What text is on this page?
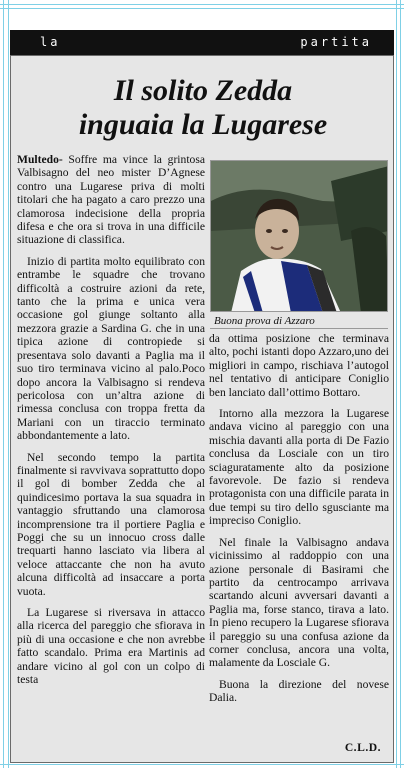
la	partita
Il solito Zedda
inguaia la Lugarese

Multedo- Soffre ma vince la grintosa Valbisagno del neo mister D’Agnese contro una Lugarese priva di molti titolari che ha pagato a caro prezzo una clamorosa indecisione della propria difesa e che ora si trova in una difficile situazione di classifica.

Inizio di partita molto equilibrato con entrambe le squadre che trovano difficoltà a costruire azioni da rete, tanto che la prima e unica vera occasione gol giunge soltanto alla mezzora grazie a Sardina G. che in una tipica azione di contropiede si presentava solo davanti a Paglia ma il suo tiro terminava vicino al palo.Poco dopo ancora la Valbisagno si rendeva pericolosa con un’altra azione di rimessa conclusa con troppa fretta da Mariani con un tiraccio terminato abbondantemente a lato.

Nel secondo tempo la partita finalmente si ravvivava soprattutto dopo il gol di bomber Zedda che al quindicesimo portava la sua squadra in vantaggio sfruttando una clamorosa incomprensione tra il portiere Paglia e Poggi che su un innocuo cross dalle trequarti hanno lasciato via libera al veloce attaccante che non ha avuto alcuna difficoltà ad insaccare a porta vuota.

La Lugarese si riversava in attacco alla ricerca del pareggio che sfiorava in più di una occasione e che non avrebbe fatto scandalo. Prima era Martinis ad andare vicino al gol con un colpo di testa

Buona prova di Azzaro

da ottima posizione che terminava alto, pochi istanti dopo Azzaro,uno dei migliori in campo, rischiava l’autogol nel tentativo di anticipare Coniglio ben lanciato dall’ottimo Bottaro.

Intorno alla mezzora la Lugarese andava vicino al pareggio con una mischia davanti alla porta di De Fazio conclusa da Losciale con un tiro sciaguratamente alto da posizione favorevole. De fazio si rendeva protagonista con una difficile parata in due tempi su tiro dello sgusciante ma impreciso Coniglio.

Nel finale la Valbisagno andava vicinissimo al raddoppio con una azione personale di Basirami che partito da centrocampo arrivava scartando alcuni avversari davanti a Paglia ma, forse stanco, tirava a lato. In pieno recupero la Lugarese sfiorava il pareggio su una confusa azione da corner conclusa, ancora una volta, malamente da Losciale G.

Buona la direzione del novese Dalia.

C.L.D.
